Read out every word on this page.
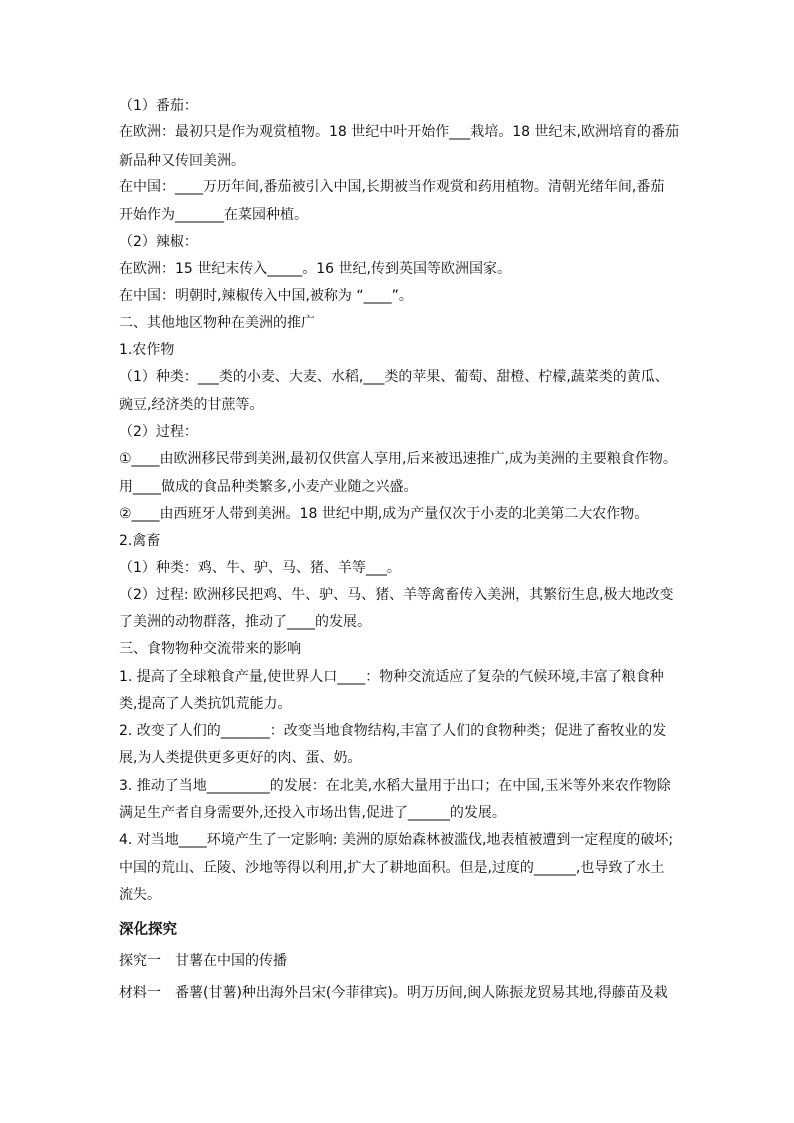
（1）番茄：
在欧洲：最初只是作为观赏植物。18 世纪中叶开始作___栽培。18 世纪末,欧洲培育的番茄
新品种又传回美洲。
在中国：____万历年间,番茄被引入中国,长期被当作观赏和药用植物。清朝光绪年间,番茄
开始作为_______在菜园种植。
（2）辣椒：
在欧洲：15 世纪末传入_____。16 世纪,传到英国等欧洲国家。
在中国：明朝时,辣椒传入中国,被称为 “____”。
二、其他地区物种在美洲的推广
1.农作物
（1）种类：___类的小麦、大麦、水稻,___类的苹果、葡萄、甜橙、柠檬,蔬菜类的黄瓜、
豌豆,经济类的甘蔗等。
（2）过程：
①____由欧洲移民带到美洲,最初仅供富人享用,后来被迅速推广,成为美洲的主要粮食作物。
用____做成的食品种类繁多,小麦产业随之兴盛。
②____由西班牙人带到美洲。18 世纪中期,成为产量仅次于小麦的北美第二大农作物。
2.禽畜
（1）种类：鸡、牛、驴、马、猪、羊等___。
（2）过程: 欧洲移民把鸡、牛、驴、马、猪、羊等禽畜传入美洲，其繁衍生息,极大地改变
了美洲的动物群落，推动了____的发展。
三、食物物种交流带来的影响
1. 提高了全球粮食产量,使世界人口____：物种交流适应了复杂的气候环境,丰富了粮食种
类,提高了人类抗饥荒能力。
2. 改变了人们的_______：改变当地食物结构,丰富了人们的食物种类；促进了畜牧业的发
展,为人类提供更多更好的肉、蛋、奶。
3. 推动了当地_________的发展：在北美,水稻大量用于出口；在中国,玉米等外来农作物除
满足生产者自身需要外,还投入市场出售,促进了______的发展。
4. 对当地____环境产生了一定影响: 美洲的原始森林被滥伐,地表植被遭到一定程度的破坏;
中国的荒山、丘陵、沙地等得以利用,扩大了耕地面积。但是,过度的______,也导致了水土
流失。
深化探究
探究一　甘薯在中国的传播
材料一　番薯(甘薯)种出海外吕宋(今菲律宾)。明万历间,闽人陈振龙贸易其地,得藤苗及栽
